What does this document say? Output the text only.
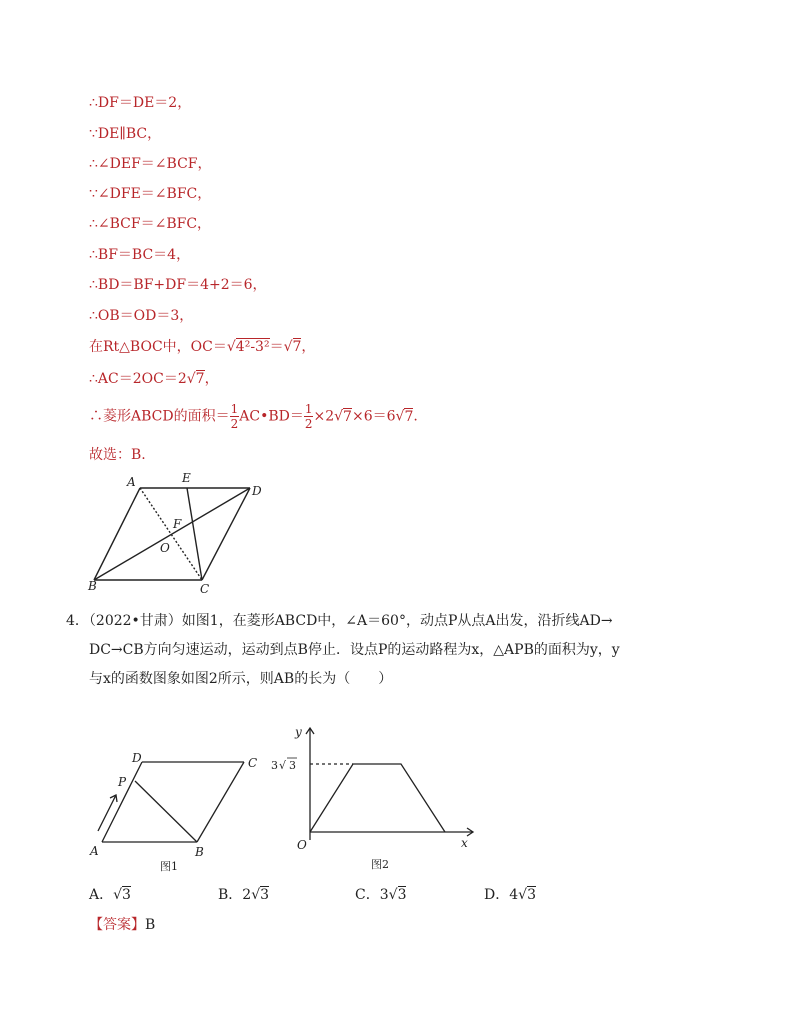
∴DF＝DE＝2，
∵DE∥BC，
∴∠DEF＝∠BCF，
∵∠DFE＝∠BFC，
∴∠BCF＝∠BFC，
∴BF＝BC＝4，
∴BD＝BF+DF＝4+2＝6，
∴OB＝OD＝3，
在Rt△BOC中，OC＝√4²-3²＝√7，
∴AC＝2OC＝2√7，
∴菱形ABCD的面积＝ $\frac{1}{2}$ AC•BD＝ $\frac{1}{2} \times 2√7\times 6=6√7$.
故选：B.
A	E
D
F
O
B	C
4．（2022•甘肃）如图1，在菱形ABCD中，∠A＝60°，动点P从点A出发，沿折线AD→
DC→CB方向匀速运动，运动到点B停止．设点P的运动路程为x，△APB的面积为y，y
与x的函数图象如图2所示，则AB的长为（　　）
D	C
P
A	B
图1
y
x
O
3 √ 3
图2
A．√3	B．2√3	C．3√3	D．4√3
【答案】B
